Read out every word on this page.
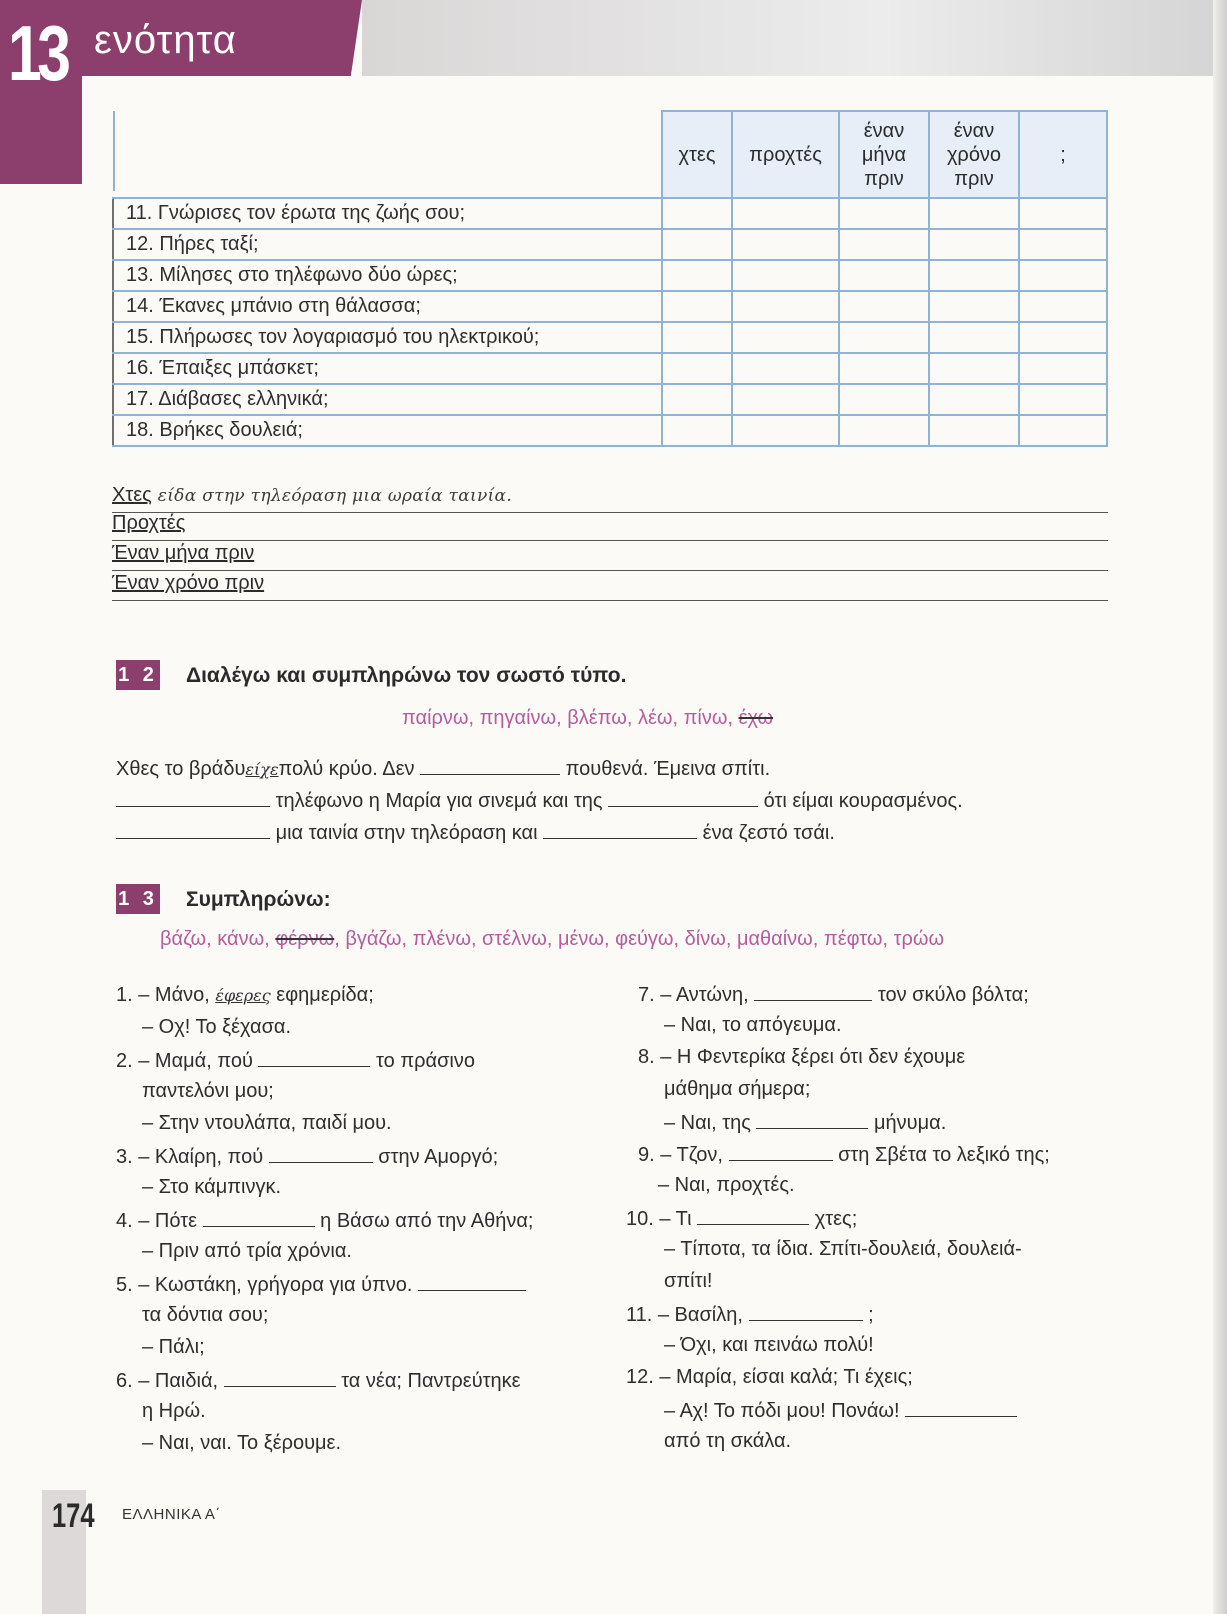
13 ενότητα
χτες	προχτές	έναν μήνα πριν	έναν χρόνο πριν	;
11. Γνώρισες τον έρωτα της ζωής σου;					
12. Πήρες ταξί;					
13. Μίλησες στο τηλέφωνο δύο ώρες;					
14. Έκανες μπάνιο στη θάλασσα;					
15. Πλήρωσες τον λογαριασμό του ηλεκτρικού;					
16. Έπαιξες μπάσκετ;					
17. Διάβασες ελληνικά;					
18. Βρήκες δουλειά;					
Χτες είδα στην τηλεόραση μια ωραία ταινία.
Προχτές
Έναν μήνα πριν
Έναν χρόνο πριν
1 2 Διαλέγω και συμπληρώνω τον σωστό τύπο.
παίρνω, πηγαίνω, βλέπω, λέω, πίνω, έχω
Χθες το βράδυείχεπολύ κρύο. Δεν	πουθενά. Έμεινα σπίτι.
τηλέφωνο η Μαρία για σινεμά και της	ότι είμαι κουρασμένος.
μια ταινία στην τηλεόραση και	ένα ζεστό τσάι.
1 3 Συμπληρώνω:
βάζω, κάνω, φέρνω, βγάζω, πλένω, στέλνω, μένω, φεύγω, δίνω, μαθαίνω, πέφτω, τρώω
1. – Μάνο, έφερες εφημερίδα;
– Οχ! Το ξέχασα.
2. – Μαμά, πού	το πράσινο
παντελόνι μου;
– Στην ντουλάπα, παιδί μου.
3. – Κλαίρη, πού	στην Αμοργό;
– Στο κάμπινγκ.
4. – Πότε	η Βάσω από την Αθήνα;
– Πριν από τρία χρόνια.
5. – Κωστάκη, γρήγορα για ύπνο.
τα δόντια σου;
– Πάλι;
6. – Παιδιά,	τα νέα; Παντρεύτηκε
η Ηρώ.
– Ναι, ναι. Το ξέρουμε.
7. – Αντώνη,	τον σκύλο βόλτα;
– Ναι, το απόγευμα.
8. – Η Φεντερίκα ξέρει ότι δεν έχουμε
μάθημα σήμερα;
– Ναι, της	μήνυμα.
9. – Τζον,	στη Σβέτα το λεξικό της;
– Ναι, προχτές.
10. – Τι	χτες;
– Τίποτα, τα ίδια. Σπίτι-δουλειά, δουλειά-
σπίτι!
11. – Βασίλη,	;
– Όχι, και πεινάω πολύ!
12. – Μαρία, είσαι καλά; Τι έχεις;
– Αχ! Το πόδι μου! Πονάω!
από τη σκάλα.
174 ΕΛΛΗΝΙΚΑ Α΄
